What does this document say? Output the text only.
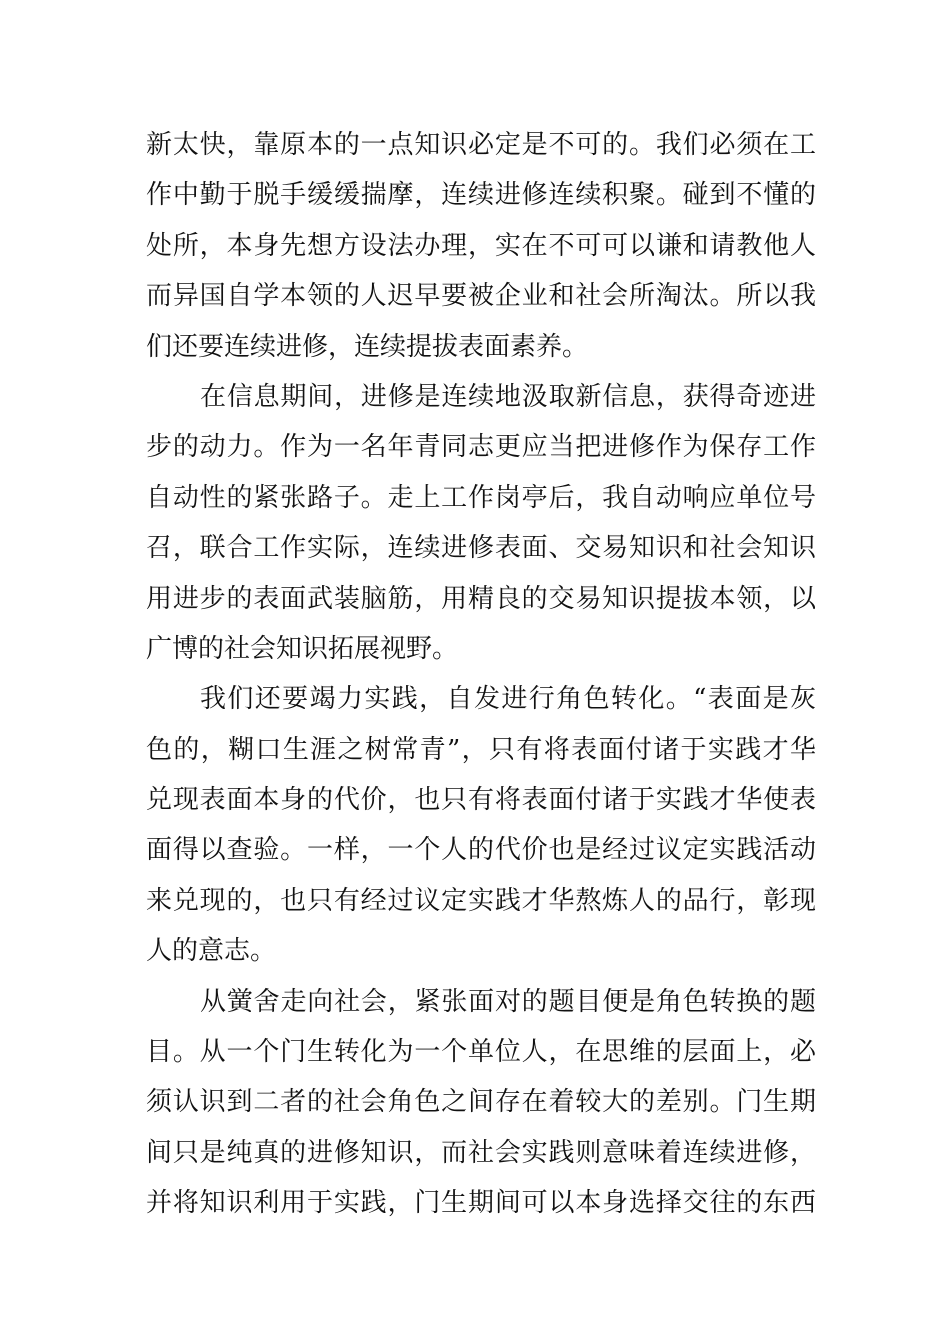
新太快，靠原本的一点知识必定是不可的。我们必须在工
作中勤于脱手缓缓揣摩，连续进修连续积聚。碰到不懂的
处所，本身先想方设法办理，实在不可可以谦和请教他人
而异国自学本领的人迟早要被企业和社会所淘汰。所以我
们还要连续进修，连续提拔表面素养。
在信息期间，进修是连续地汲取新信息，获得奇迹进
步的动力。作为一名年青同志更应当把进修作为保存工作
自动性的紧张路子。走上工作岗亭后，我自动响应单位号
召，联合工作实际，连续进修表面、交易知识和社会知识
用进步的表面武装脑筋，用精良的交易知识提拔本领，以
广博的社会知识拓展视野。
我们还要竭力实践，自发进行角色转化。“表面是灰
色的，糊口生涯之树常青”，只有将表面付诸于实践才华
兑现表面本身的代价，也只有将表面付诸于实践才华使表
面得以查验。一样，一个人的代价也是经过议定实践活动
来兑现的，也只有经过议定实践才华熬炼人的品行，彰现
人的意志。
从黉舍走向社会，紧张面对的题目便是角色转换的题
目。从一个门生转化为一个单位人，在思维的层面上，必
须认识到二者的社会角色之间存在着较大的差别。门生期
间只是纯真的进修知识，而社会实践则意味着连续进修，
并将知识利用于实践，门生期间可以本身选择交往的东西
